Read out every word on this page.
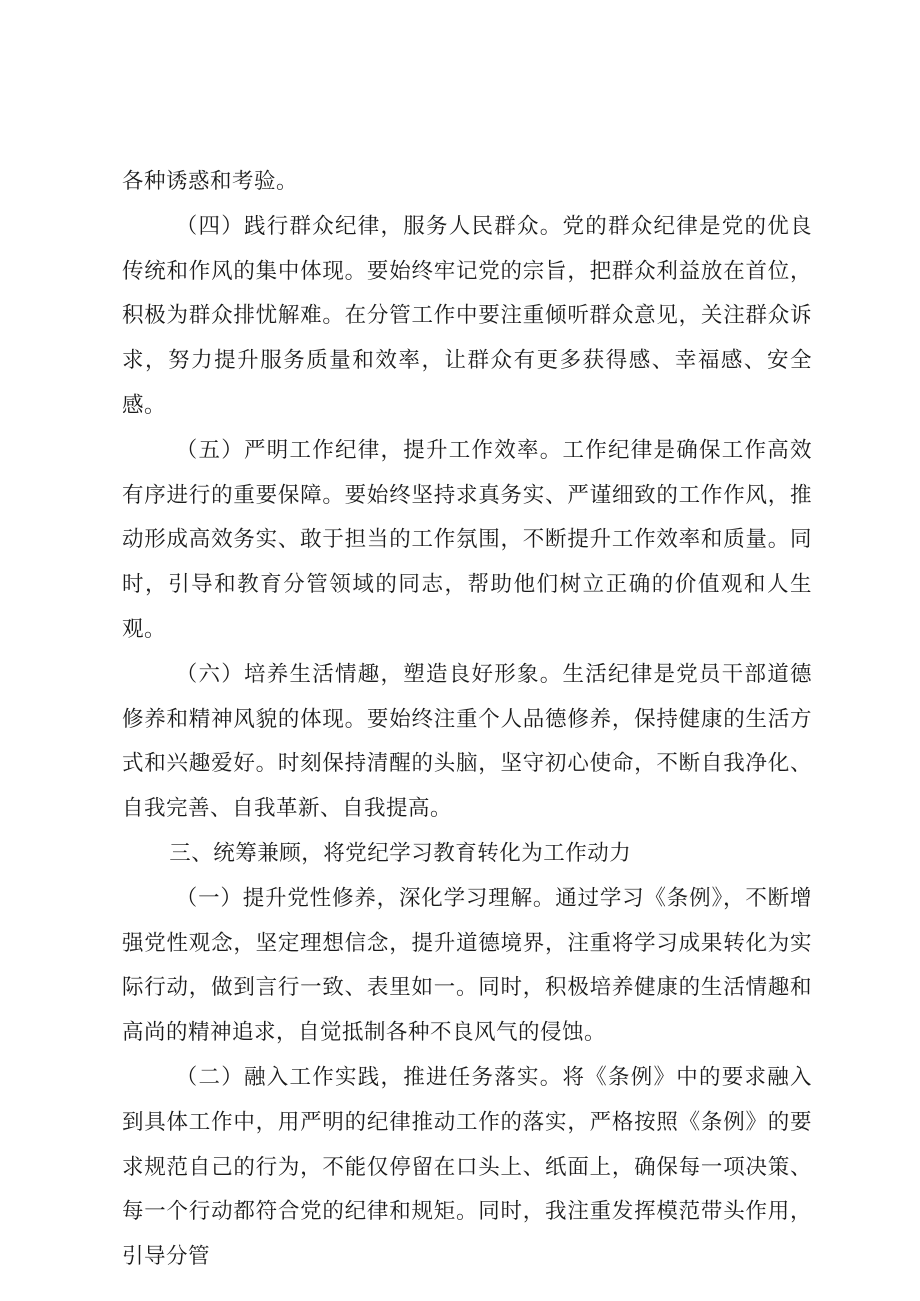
各种诱惑和考验。

（四）践行群众纪律，服务人民群众。党的群众纪律是党的优良传统和作风的集中体现。要始终牢记党的宗旨，把群众利益放在首位，积极为群众排忧解难。在分管工作中要注重倾听群众意见，关注群众诉求，努力提升服务质量和效率，让群众有更多获得感、幸福感、安全感。

（五）严明工作纪律，提升工作效率。工作纪律是确保工作高效有序进行的重要保障。要始终坚持求真务实、严谨细致的工作作风，推动形成高效务实、敢于担当的工作氛围，不断提升工作效率和质量。同时，引导和教育分管领域的同志，帮助他们树立正确的价值观和人生观。

（六）培养生活情趣，塑造良好形象。生活纪律是党员干部道德修养和精神风貌的体现。要始终注重个人品德修养，保持健康的生活方式和兴趣爱好。时刻保持清醒的头脑，坚守初心使命，不断自我净化、自我完善、自我革新、自我提高。

三、统筹兼顾，将党纪学习教育转化为工作动力

（一）提升党性修养，深化学习理解。通过学习《条例》，不断增强党性观念，坚定理想信念，提升道德境界，注重将学习成果转化为实际行动，做到言行一致、表里如一。同时，积极培养健康的生活情趣和高尚的精神追求，自觉抵制各种不良风气的侵蚀。

（二）融入工作实践，推进任务落实。将《条例》中的要求融入到具体工作中，用严明的纪律推动工作的落实，严格按照《条例》的要求规范自己的行为，不能仅停留在口头上、纸面上，确保每一项决策、每一个行动都符合党的纪律和规矩。同时，我注重发挥模范带头作用，引导分管
